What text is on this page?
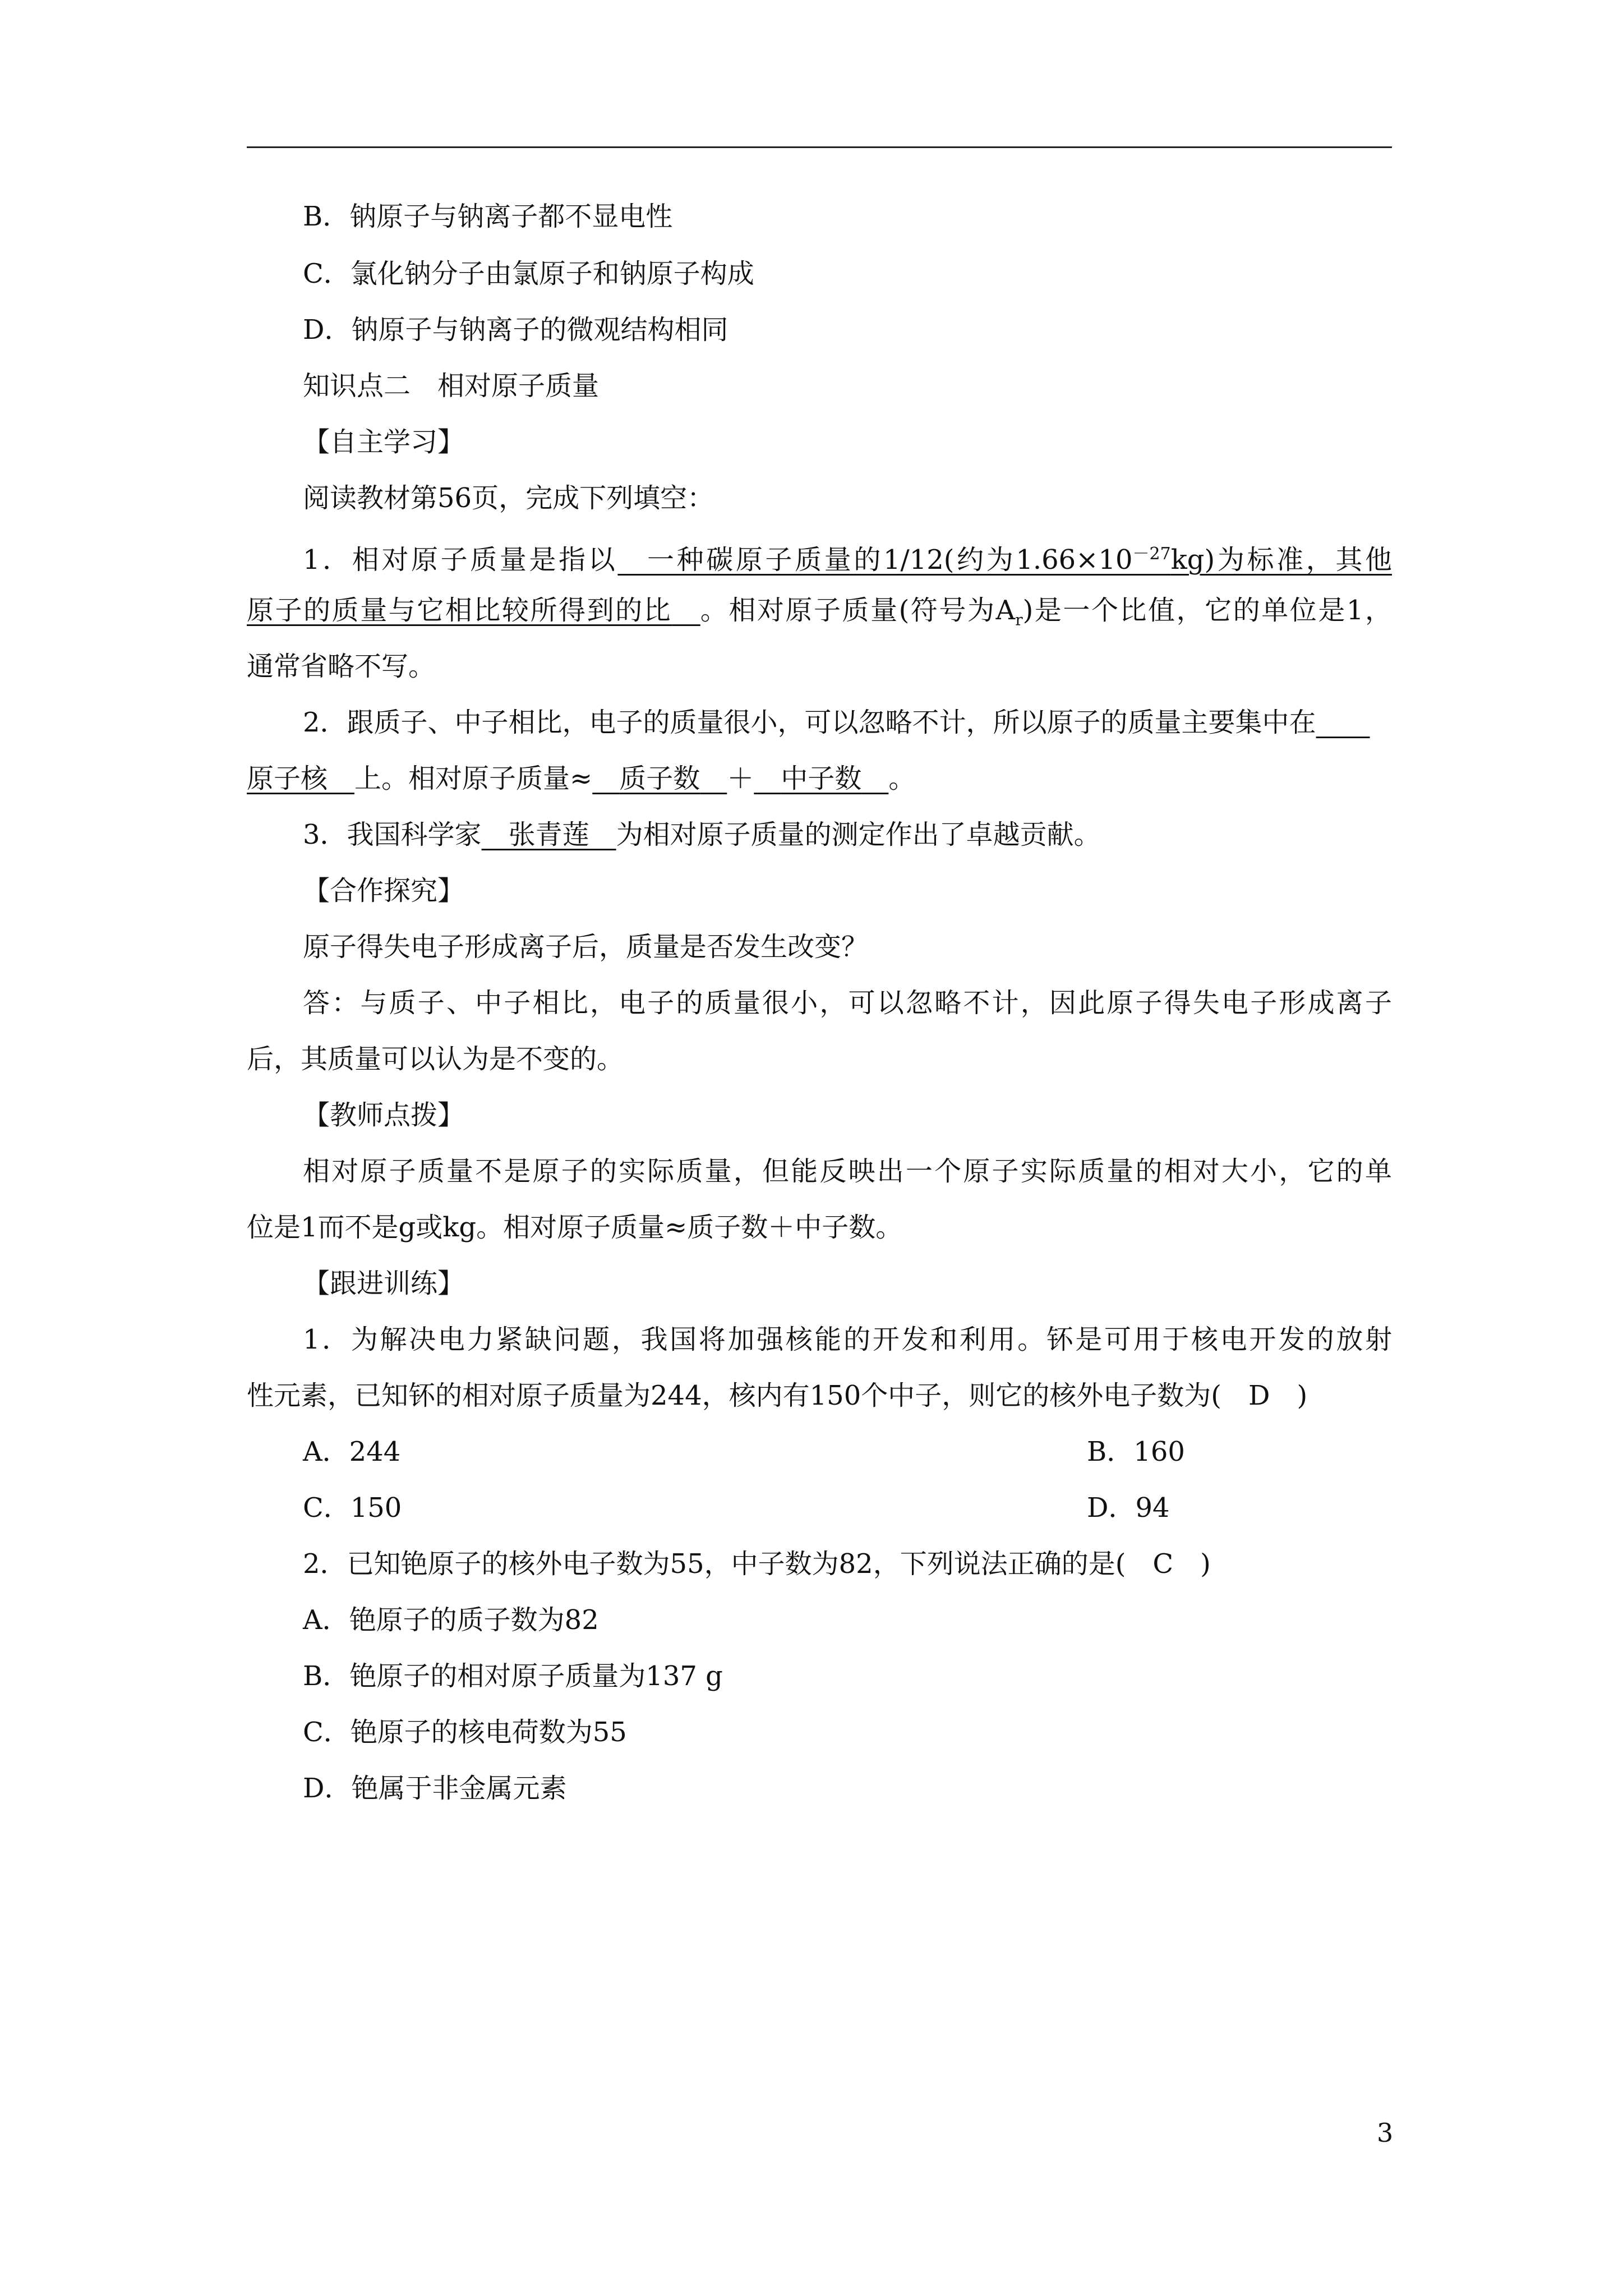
B．钠原子与钠离子都不显电性
C．氯化钠分子由氯原子和钠原子构成
D．钠原子与钠离子的微观结构相同
知识点二　相对原子质量
【自主学习】
阅读教材第56页，完成下列填空：
1．相对原子质量是指以　 一种碳原子质量的1/12(约为$1.66\times 10^{-27}kg$)为标准，其他
原子的质量与它相比较所得到的比　 。相对原子质量(符号为$A_r$)是一个比值，它的单位是1，
通常省略不写。
2．跟质子、中子相比，电子的质量很小，可以忽略不计，所以原子的质量主要集中在　　
原子核　 上。相对原子质量≈　 质子数　 ＋　 中子数　 。
3．我国科学家　 张青莲　 为相对原子质量的测定作出了卓越贡献。
【合作探究】
原子得失电子形成离子后，质量是否发生改变？
答：与质子、中子相比，电子的质量很小，可以忽略不计，因此原子得失电子形成离子
后，其质量可以认为是不变的。
【教师点拨】
相对原子质量不是原子的实际质量，但能反映出一个原子实际质量的相对大小，它的单
位是1而不是g或kg。相对原子质量≈质子数＋中子数。
【跟进训练】
1．为解决电力紧缺问题，我国将加强核能的开发和利用。钚是可用于核电开发的放射
性元素，已知钚的相对原子质量为244，核内有150个中子，则它的核外电子数为(　D　)
A．244	B．160
C．150	D．94
2．已知铯原子的核外电子数为55，中子数为82，下列说法正确的是(　C　)
A．铯原子的质子数为82
B．铯原子的相对原子质量为137 g
C．铯原子的核电荷数为55
D．铯属于非金属元素
3
